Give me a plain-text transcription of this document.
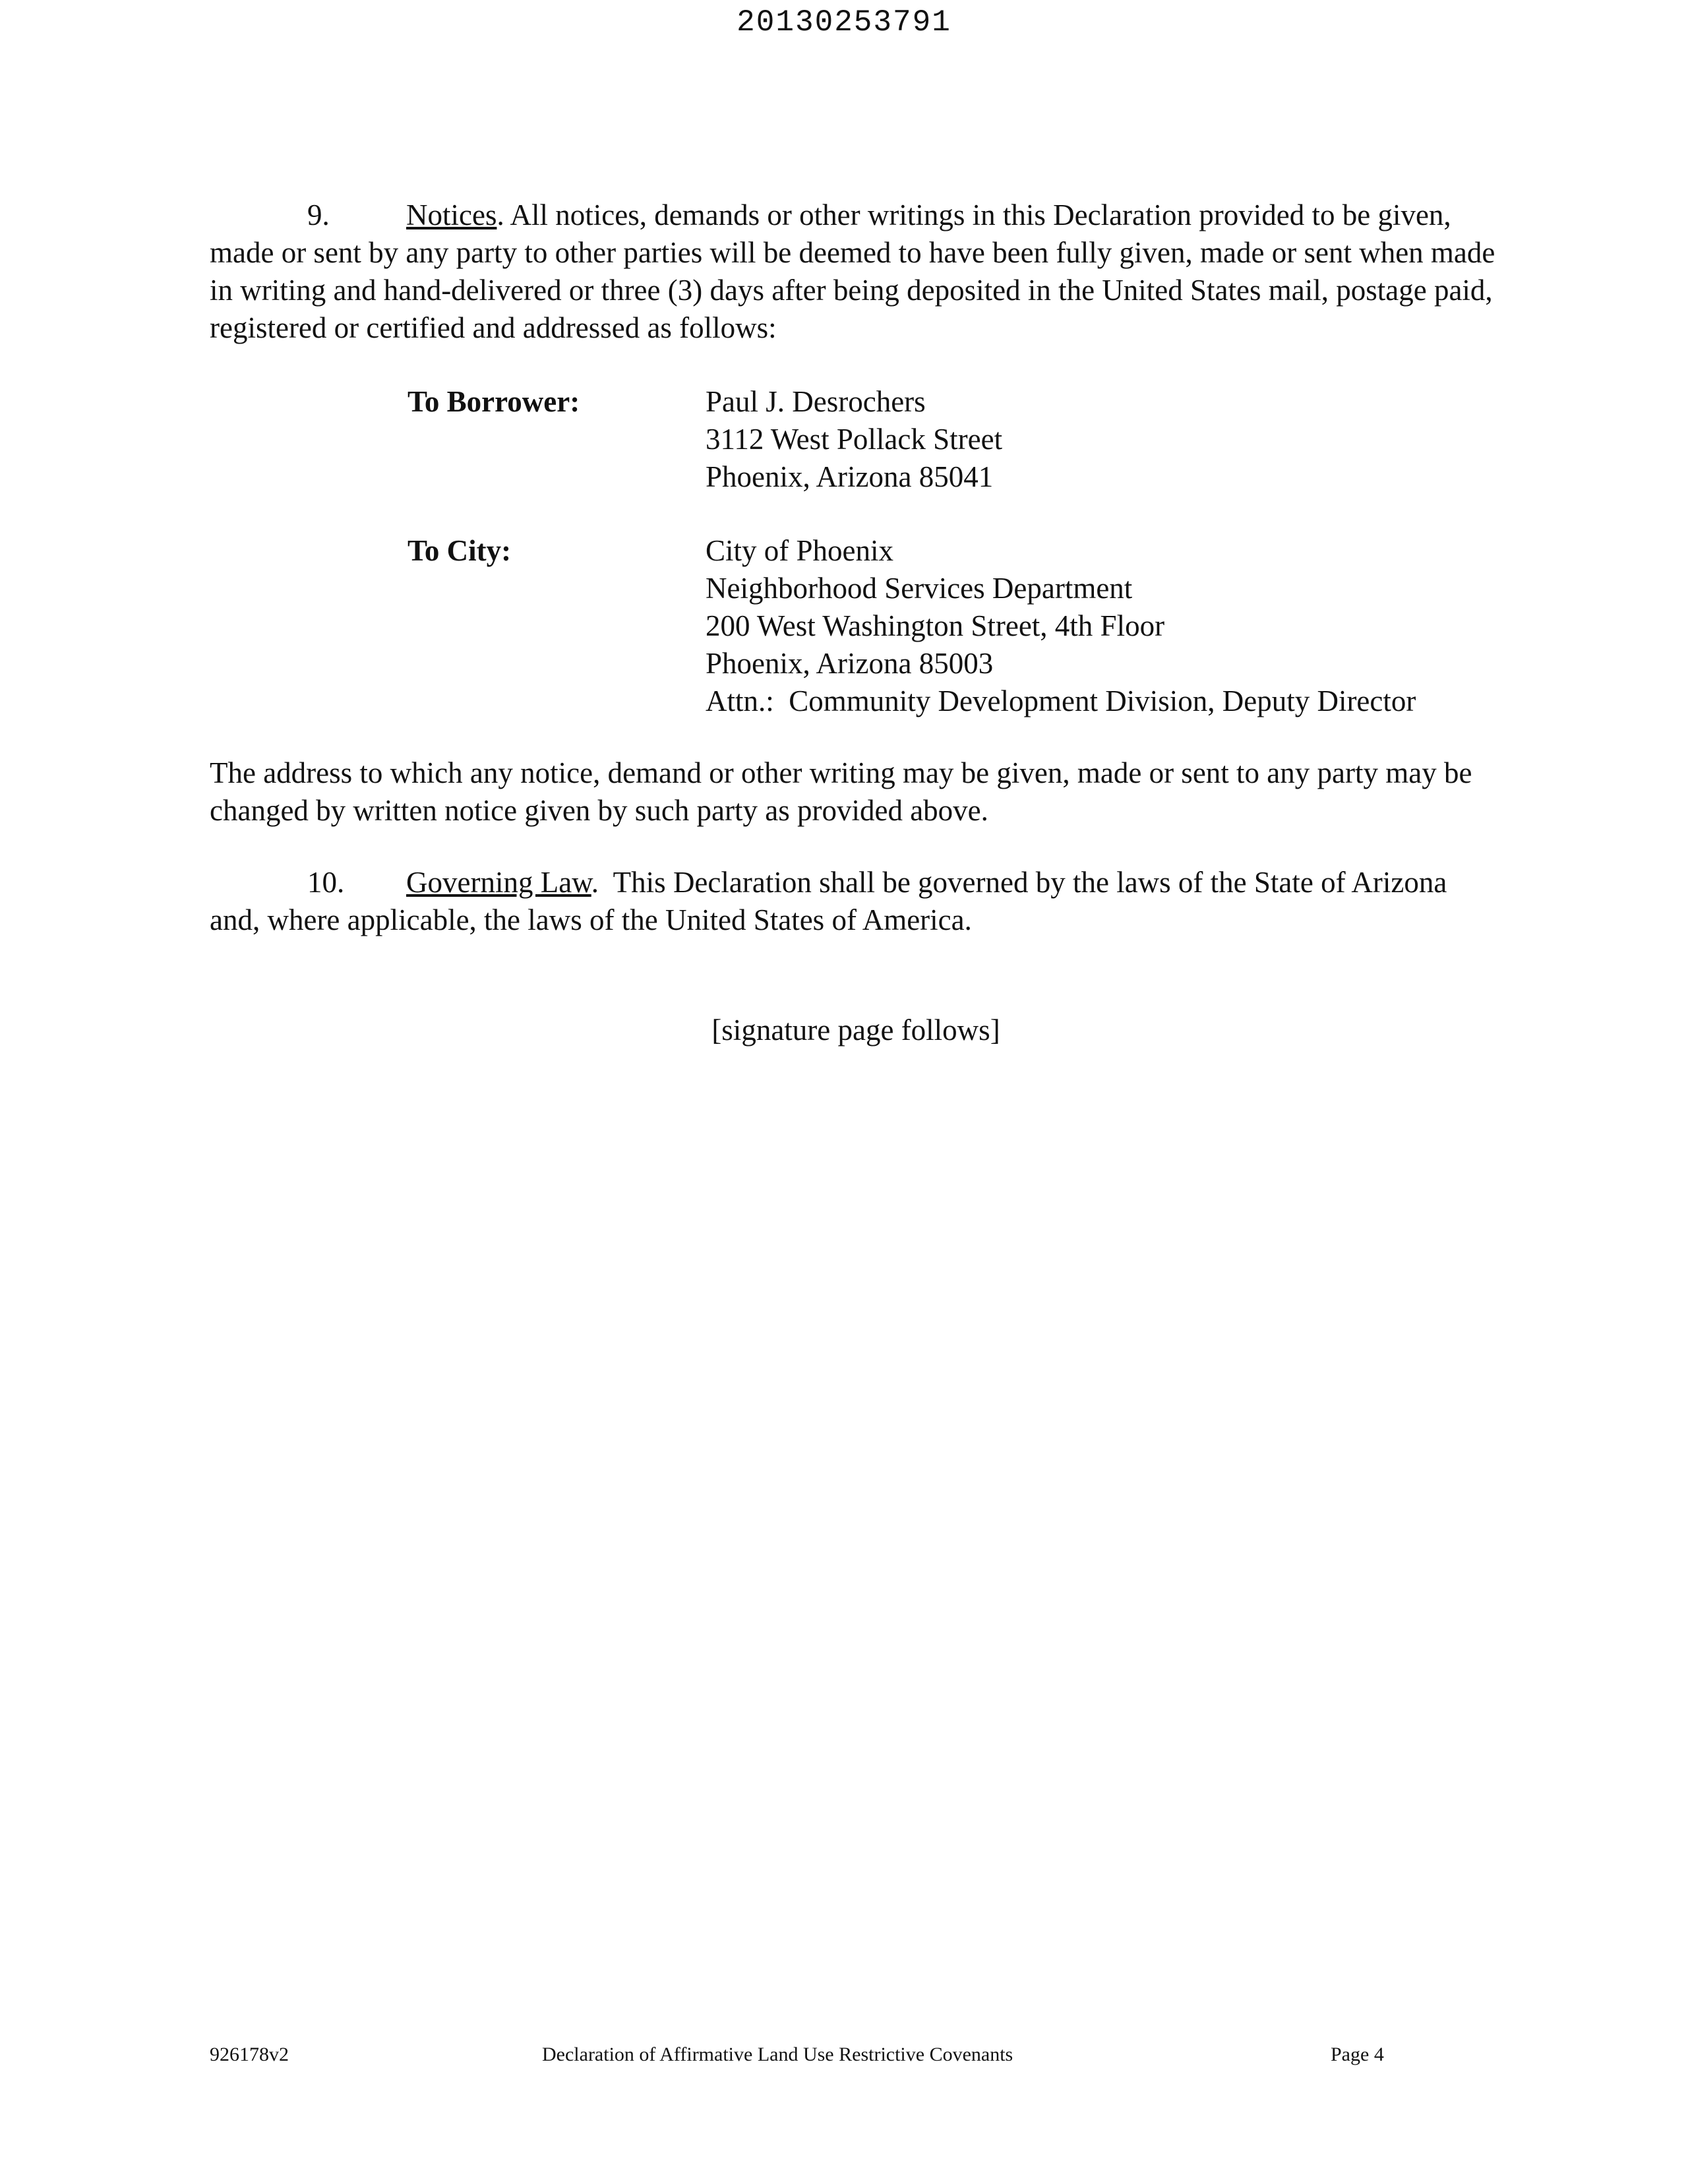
20130253791

9.	Notices. All notices, demands or other writings in this Declaration provided to be given, made or sent by any party to other parties will be deemed to have been fully given, made or sent when made in writing and hand-delivered or three (3) days after being deposited in the United States mail, postage paid, registered or certified and addressed as follows:

To Borrower:	Paul J. Desrochers
3112 West Pollack Street
Phoenix, Arizona 85041

To City:	City of Phoenix
Neighborhood Services Department
200 West Washington Street, 4th Floor
Phoenix, Arizona 85003
Attn.:  Community Development Division, Deputy Director

The address to which any notice, demand or other writing may be given, made or sent to any party may be changed by written notice given by such party as provided above.

10. Governing Law.  This Declaration shall be governed by the laws of the State of Arizona and, where applicable, the laws of the United States of America.

[signature page follows]
926178v2	Declaration of Affirmative Land Use Restrictive Covenants	Page 4
